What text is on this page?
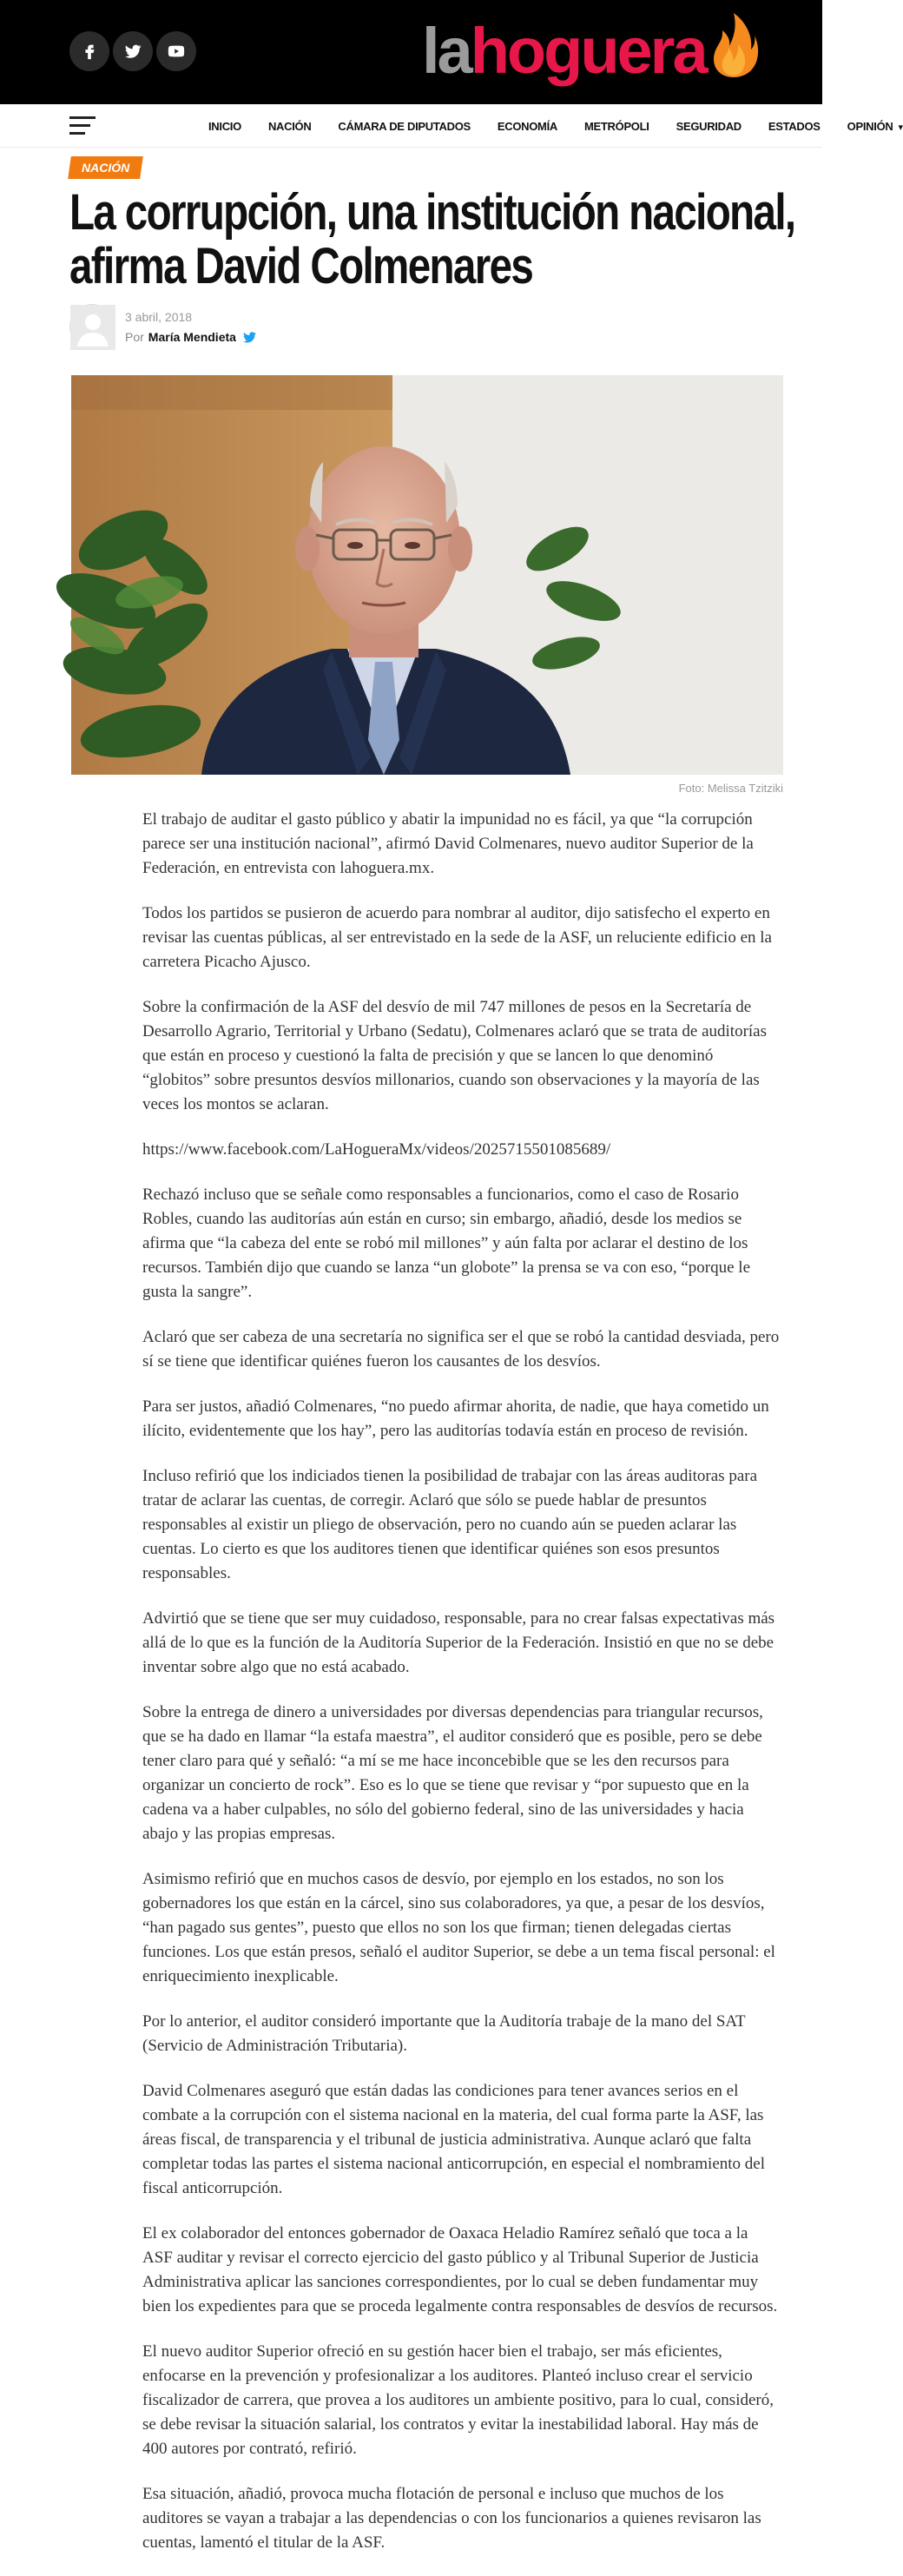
la hoguera
INICIO NACIÓN CÁMARA DE DIPUTADOS ECONOMÍA METRÓPOLI SEGURIDAD ESTADOS OPINIÓN ▾
NACIÓN
La corrupción, una institución nacional,
afirma David Colmenares
3 abril, 2018
Por María Mendieta
Foto: Melissa Tzitziki

El trabajo de auditar el gasto público y abatir la impunidad no es fácil, ya que “la corrupción parece ser una institución nacional”, afirmó David Colmenares, nuevo auditor Superior de la Federación, en entrevista con lahoguera.mx.

Todos los partidos se pusieron de acuerdo para nombrar al auditor, dijo satisfecho el experto en revisar las cuentas públicas, al ser entrevistado en la sede de la ASF, un reluciente edificio en la carretera Picacho Ajusco.

Sobre la confirmación de la ASF del desvío de mil 747 millones de pesos en la Secretaría de Desarrollo Agrario, Territorial y Urbano (Sedatu), Colmenares aclaró que se trata de auditorías que están en proceso y cuestionó la falta de precisión y que se lancen lo que denominó “globitos” sobre presuntos desvíos millonarios, cuando son observaciones y la mayoría de las veces los montos se aclaran.

https://www.facebook.com/LaHogueraMx/videos/2025715501085689/

Rechazó incluso que se señale como responsables a funcionarios, como el caso de Rosario Robles, cuando las auditorías aún están en curso; sin embargo, añadió, desde los medios se afirma que “la cabeza del ente se robó mil millones” y aún falta por aclarar el destino de los recursos. También dijo que cuando se lanza “un globote” la prensa se va con eso, “porque le gusta la sangre”.

Aclaró que ser cabeza de una secretaría no significa ser el que se robó la cantidad desviada, pero sí se tiene que identificar quiénes fueron los causantes de los desvíos.

Para ser justos, añadió Colmenares, “no puedo afirmar ahorita, de nadie, que haya cometido un ilícito, evidentemente que los hay”, pero las auditorías todavía están en proceso de revisión.

Incluso refirió que los indiciados tienen la posibilidad de trabajar con las áreas auditoras para tratar de aclarar las cuentas, de corregir. Aclaró que sólo se puede hablar de presuntos responsables al existir un pliego de observación, pero no cuando aún se pueden aclarar las cuentas. Lo cierto es que los auditores tienen que identificar quiénes son esos presuntos responsables.

Advirtió que se tiene que ser muy cuidadoso, responsable, para no crear falsas expectativas más allá de lo que es la función de la Auditoría Superior de la Federación. Insistió en que no se debe inventar sobre algo que no está acabado.

Sobre la entrega de dinero a universidades por diversas dependencias para triangular recursos, que se ha dado en llamar “la estafa maestra”, el auditor consideró que es posible, pero se debe tener claro para qué y señaló: “a mí se me hace inconcebible que se les den recursos para organizar un concierto de rock”. Eso es lo que se tiene que revisar y “por supuesto que en la cadena va a haber culpables, no sólo del gobierno federal, sino de las universidades y hacia abajo y las propias empresas.

Asimismo refirió que en muchos casos de desvío, por ejemplo en los estados, no son los gobernadores los que están en la cárcel, sino sus colaboradores, ya que, a pesar de los desvíos, “han pagado sus gentes”, puesto que ellos no son los que firman; tienen delegadas ciertas funciones. Los que están presos, señaló el auditor Superior, se debe a un tema fiscal personal: el enriquecimiento inexplicable.

Por lo anterior, el auditor consideró importante que la Auditoría trabaje de la mano del SAT (Servicio de Administración Tributaria).

David Colmenares aseguró que están dadas las condiciones para tener avances serios en el combate a la corrupción con el sistema nacional en la materia, del cual forma parte la ASF, las áreas fiscal, de transparencia y el tribunal de justicia administrativa. Aunque aclaró que falta completar todas las partes el sistema nacional anticorrupción, en especial el nombramiento del fiscal anticorrupción.

El ex colaborador del entonces gobernador de Oaxaca Heladio Ramírez señaló que toca a la ASF auditar y revisar el correcto ejercicio del gasto público y al Tribunal Superior de Justicia Administrativa aplicar las sanciones correspondientes, por lo cual se deben fundamentar muy bien los expedientes para que se proceda legalmente contra responsables de desvíos de recursos.

El nuevo auditor Superior ofreció en su gestión hacer bien el trabajo, ser más eficientes, enfocarse en la prevención y profesionalizar a los auditores. Planteó incluso crear el servicio fiscalizador de carrera, que provea a los auditores un ambiente positivo, para lo cual, consideró, se debe revisar la situación salarial, los contratos y evitar la inestabilidad laboral. Hay más de 400 autores por contrató, refirió.

Esa situación, añadió, provoca mucha flotación de personal e incluso que muchos de los auditores se vayan a trabajar a las dependencias o con los funcionarios a quienes revisaron las cuentas, lamentó el titular de la ASF.
